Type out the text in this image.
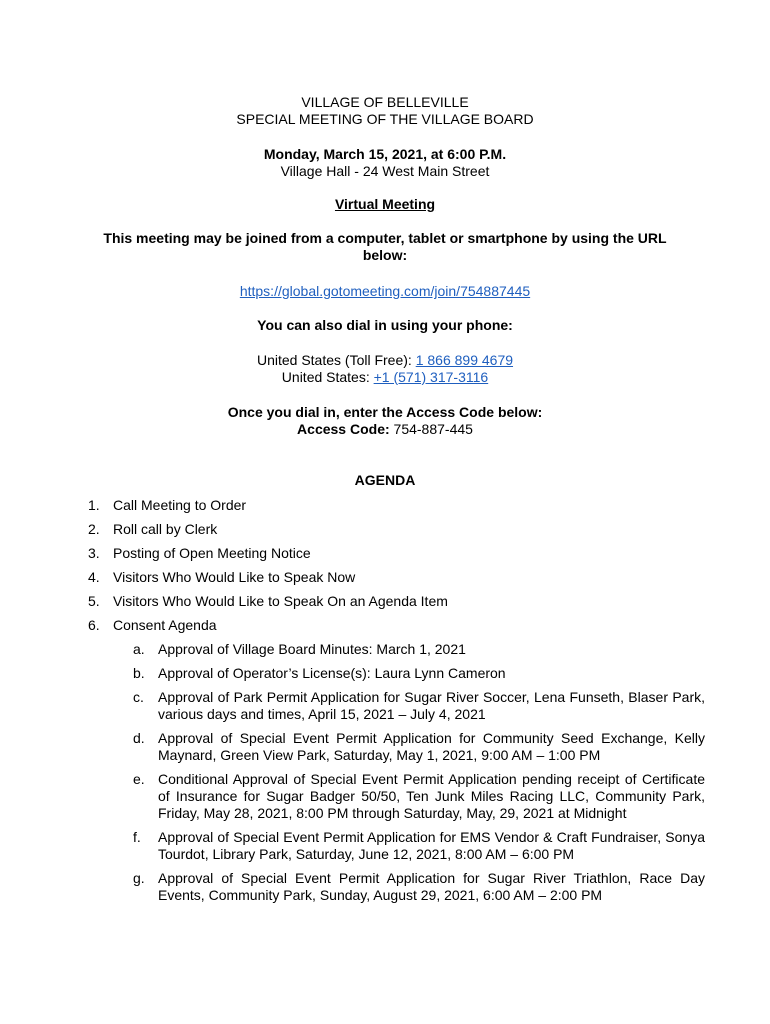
VILLAGE OF BELLEVILLE
SPECIAL MEETING OF THE VILLAGE BOARD
Monday, March 15, 2021, at 6:00 P.M.
Village Hall - 24 West Main Street
Virtual Meeting
This meeting may be joined from a computer, tablet or smartphone by using the URL below:
https://global.gotomeeting.com/join/754887445
You can also dial in using your phone:
United States (Toll Free): 1 866 899 4679
United States: +1 (571) 317-3116
Once you dial in, enter the Access Code below:
Access Code: 754-887-445
AGENDA
1. Call Meeting to Order
2. Roll call by Clerk
3. Posting of Open Meeting Notice
4. Visitors Who Would Like to Speak Now
5. Visitors Who Would Like to Speak On an Agenda Item
6. Consent Agenda
a. Approval of Village Board Minutes: March 1, 2021
b. Approval of Operator’s License(s): Laura Lynn Cameron
c. Approval of Park Permit Application for Sugar River Soccer, Lena Funseth, Blaser Park, various days and times, April 15, 2021 – July 4, 2021
d. Approval of Special Event Permit Application for Community Seed Exchange, Kelly Maynard, Green View Park, Saturday, May 1, 2021, 9:00 AM – 1:00 PM
e. Conditional Approval of Special Event Permit Application pending receipt of Certificate of Insurance for Sugar Badger 50/50, Ten Junk Miles Racing LLC, Community Park, Friday, May 28, 2021, 8:00 PM through Saturday, May, 29, 2021 at Midnight
f. Approval of Special Event Permit Application for EMS Vendor & Craft Fundraiser, Sonya Tourdot, Library Park, Saturday, June 12, 2021, 8:00 AM – 6:00 PM
g. Approval of Special Event Permit Application for Sugar River Triathlon, Race Day Events, Community Park, Sunday, August 29, 2021, 6:00 AM – 2:00 PM
